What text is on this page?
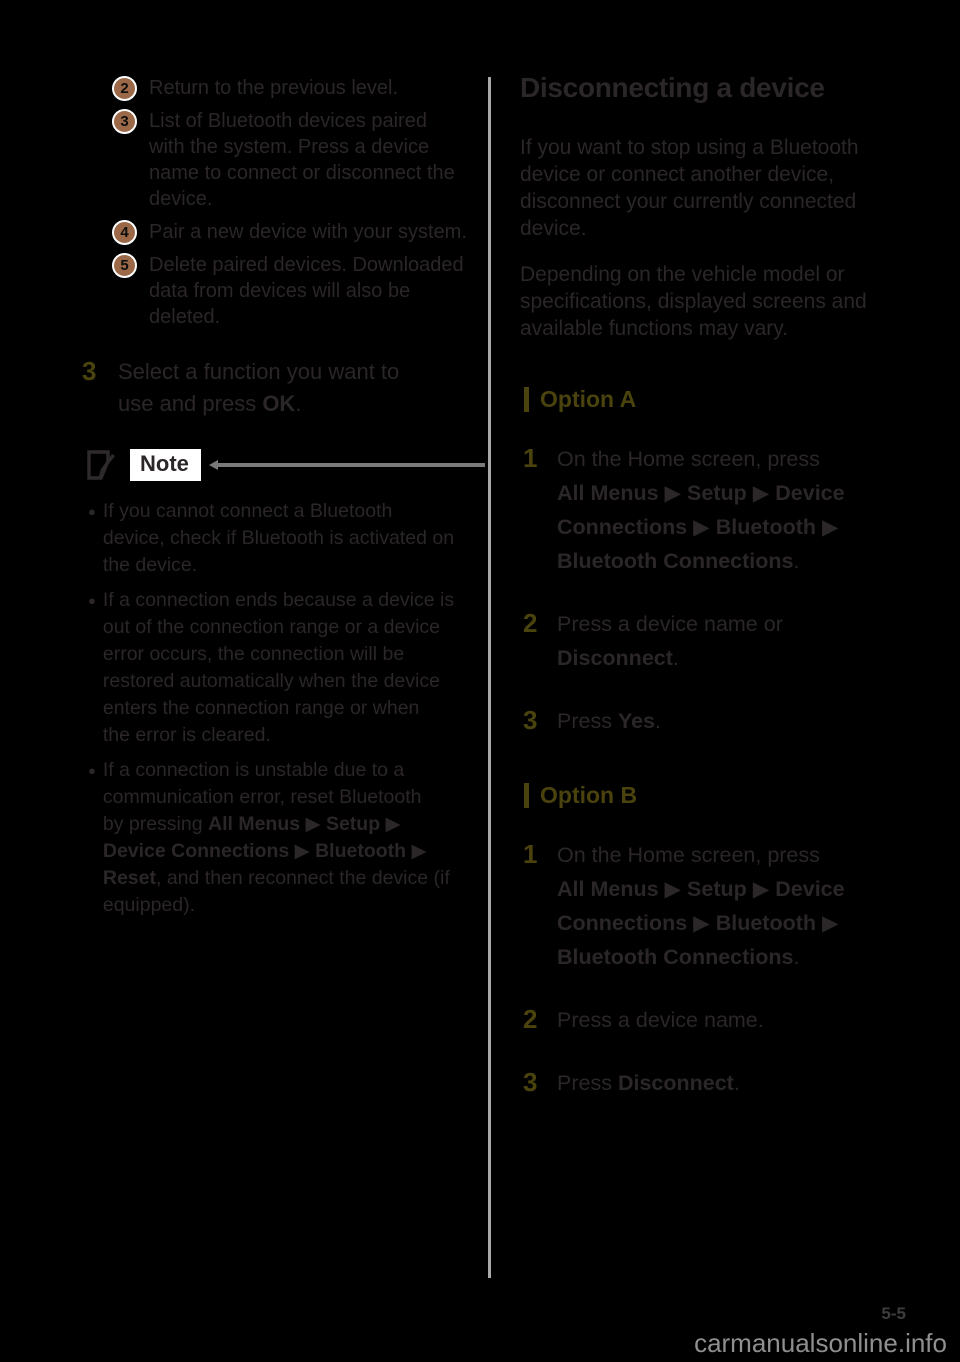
2	Return to the previous level.
3	List of Bluetooth devices paired
with the system. Press a device
name to connect or disconnect the
device.
4	Pair a new device with your system.
5	Delete paired devices. Downloaded
data from devices will also be
deleted.
3 Select a function you want to
use and press OK.
Note
● If you cannot connect a Bluetooth
device, check if Bluetooth is activated on
the device.
● If a connection ends because a device is
out of the connection range or a device
error occurs, the connection will be
restored automatically when the device
enters the connection range or when
the error is cleared.
● If a connection is unstable due to a
communication error, reset Bluetooth
by pressing All Menus ▶ Setup ▶
Device Connections ▶ Bluetooth ▶
Reset, and then reconnect the device (if
equipped).
Disconnecting a device
If you want to stop using a Bluetooth
device or connect another device,
disconnect your currently connected
device.
Depending on the vehicle model or
specifications, displayed screens and
available functions may vary.
Option A
1 On the Home screen, press
All Menus ▶ Setup ▶ Device
Connections ▶ Bluetooth ▶
Bluetooth Connections.
2 Press a device name or
Disconnect.
3 Press Yes.
Option B
1 On the Home screen, press
All Menus ▶ Setup ▶ Device
Connections ▶ Bluetooth ▶
Bluetooth Connections.
2 Press a device name.
3 Press Disconnect.
5-5
carmanualsonline.info
